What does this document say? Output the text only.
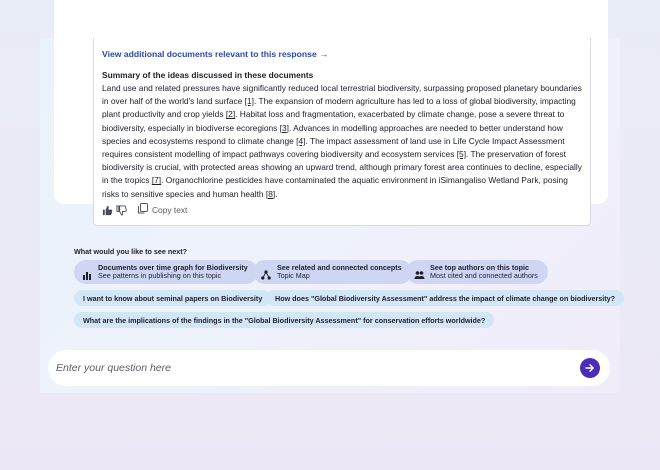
View additional documents relevant to this response →
Summary of the ideas discussed in these documents
Land use and related pressures have significantly reduced local terrestrial biodiversity, surpassing proposed planetary boundaries in over half of the world's land surface [1]. The expansion of modern agriculture has led to a loss of global biodiversity, impacting plant productivity and crop yields [2]. Habitat loss and fragmentation, exacerbated by climate change, pose a severe threat to biodiversity, especially in biodiverse ecoregions [3]. Advances in modelling approaches are needed to better understand how species and ecosystems respond to climate change [4]. The impact assessment of land use in Life Cycle Impact Assessment requires consistent modelling of impact pathways covering biodiversity and ecosystem services [5]. The preservation of forest biodiversity is crucial, with protected areas showing an upward trend, although primary forest area continues to decline, especially in the tropics [7]. Organochlorine pesticides have contaminated the aquatic environment in iSimangaliso Wetland Park, posing risks to sensitive species and human health [8].
Copy text
What would you like to see next?
Documents over time graph for Biodiversity
See patterns in publishing on this topic
See related and connected concepts
Topic Map
See top authors on this topic
Most cited and connected authors
I want to know about seminal papers on Biodiversity	How does "Global Biodiversity Assessment" address the impact of climate change on biodiversity?
What are the implications of the findings in the "Global Biodiversity Assessment" for conservation efforts worldwide?
Enter your question here
